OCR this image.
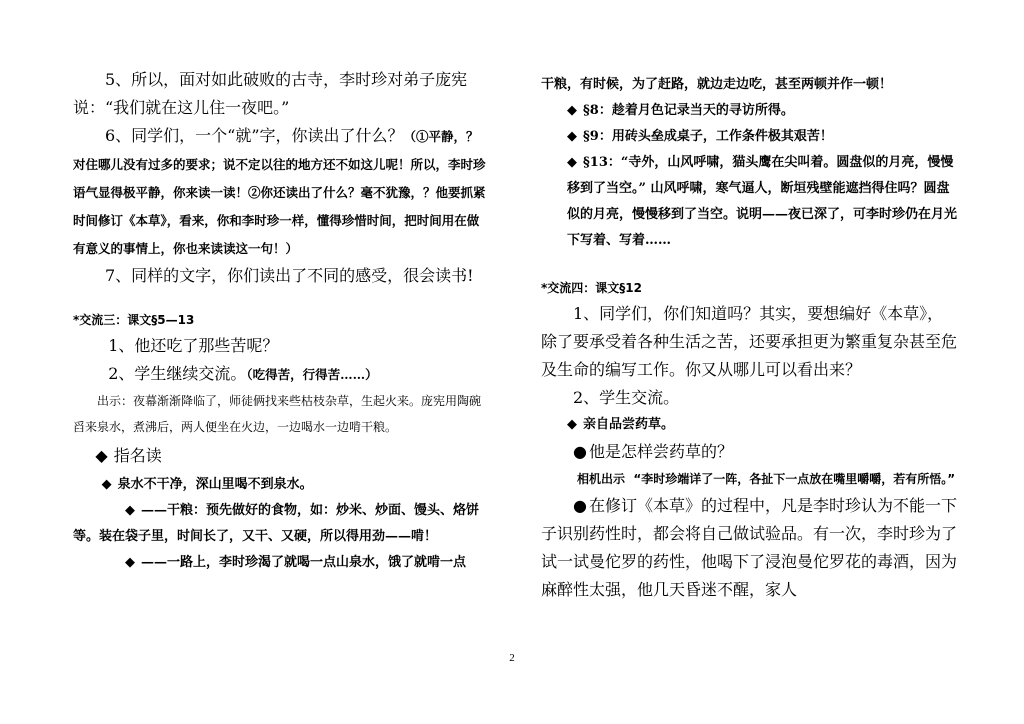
5、所以，面对如此破败的古寺，李时珍对弟子庞宪说：“我们就在这儿住一夜吧。”

6、同学们，一个“就”字，你读出了什么？（①平静，？对住哪儿没有过多的要求；说不定以往的地方还不如这儿呢！所以，李时珍语气显得极平静，你来读一读！②你还读出了什么？毫不犹豫，？他要抓紧时间修订《本草》，看来，你和李时珍一样，懂得珍惜时间，把时间用在做有意义的事情上，你也来读读这一句！）

7、同样的文字，你们读出了不同的感受，很会读书!

*交流三：课文§5—13

1、他还吃了那些苦呢？

2、学生继续交流。（吃得苦，行得苦……）

出示：夜幕渐渐降临了，师徒俩找来些枯枝杂草，生起火来。庞宪用陶碗舀来泉水，煮沸后，两人便坐在火边，一边喝水一边啃干粮。

◆ 指名读

◆ 泉水不干净，深山里喝不到泉水。

◆ ——干粮：预先做好的食物，如：炒米、炒面、馒头、烙饼等。装在袋子里，时间长了，又干、又硬，所以得用劲——啃！

◆ ——一路上，李时珍渴了就喝一点山泉水，饿了就啃一点

干粮，有时候，为了赶路，就边走边吃，甚至两顿并作一顿！

◆ §8：趁着月色记录当天的寻访所得。

◆ §9：用砖头垒成桌子，工作条件极其艰苦！

◆ §13：“寺外，山风呼啸，猫头鹰在尖叫着。圆盘似的月亮，慢慢移到了当空。” 山风呼啸，寒气逼人，断垣残壁能遮挡得住吗？圆盘似的月亮，慢慢移到了当空。说明——夜已深了，可李时珍仍在月光下写着、写着……

*交流四：课文§12

1、同学们，你们知道吗？其实，要想编好《本草》，除了要承受着各种生活之苦，还要承担更为繁重复杂甚至危及生命的编写工作。你又从哪儿可以看出来？

2、学生交流。

◆ 亲自品尝药草。

● 他是怎样尝药草的？

相机出示 “李时珍端详了一阵，各扯下一点放在嘴里嚼嚼，若有所悟。”

● 在修订《本草》的过程中，凡是李时珍认为不能一下子识别药性时，都会将自己做试验品。有一次，李时珍为了试一试曼佗罗的药性，他喝下了浸泡曼佗罗花的毒酒，因为麻醉性太强，他几天昏迷不醒，家人

2
